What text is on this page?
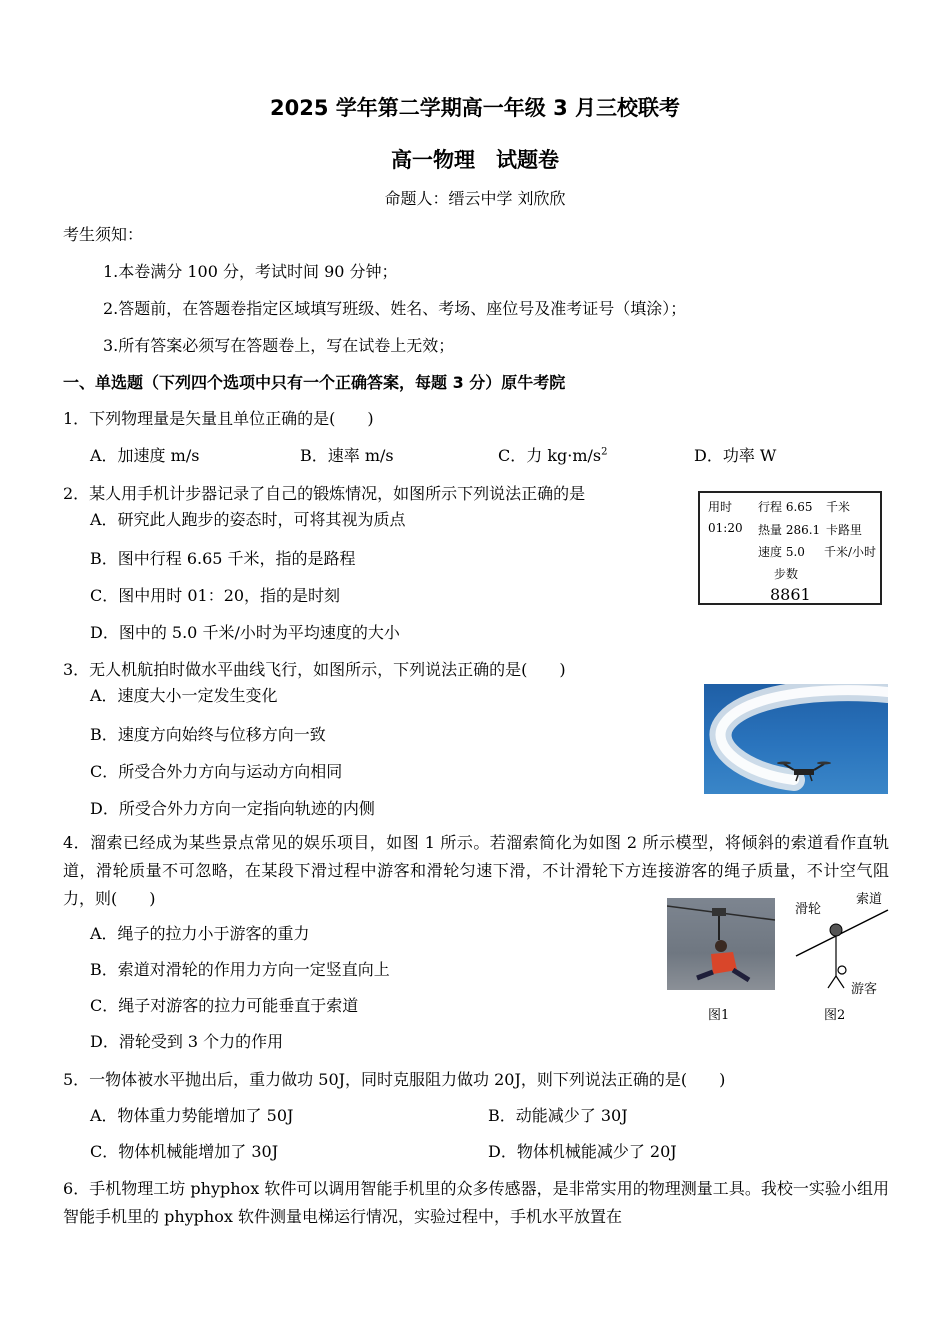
2025 学年第二学期高一年级 3 月三校联考
高一物理　试题卷
命题人：缙云中学 刘欣欣
考生须知：
1.本卷满分 100 分，考试时间 90 分钟；
2.答题前，在答题卷指定区域填写班级、姓名、考场、座位号及准考证号（填涂）；
3.所有答案必须写在答题卷上，写在试卷上无效；
一、单选题（下列四个选项中只有一个正确答案，每题 3 分）原牛考院
1．下列物理量是矢量且单位正确的是(　　)
A．加速度 m/s	B．速率 m/s	C．力 $kg\cdot m/s^2$	D．功率 W
2．某人用手机计步器记录了自己的锻炼情况，如图所示下列说法正确的是
A．研究此人跑步的姿态时，可将其视为质点
B．图中行程 6.65 千米，指的是路程
C．图中用时 01：20，指的是时刻
D．图中的 5.0 千米/小时为平均速度的大小
用时
01:20
行程 6.65 千米
热量 286.1 卡路里
速度 5.0 千米/小时
步数
8861
3．无人机航拍时做水平曲线飞行，如图所示，下列说法正确的是(　　)
A．速度大小一定发生变化
B．速度方向始终与位移方向一致
C．所受合外力方向与运动方向相同
D．所受合外力方向一定指向轨迹的内侧
4．溜索已经成为某些景点常见的娱乐项目，如图 1 所示。若溜索简化为如图 2 所示模型，将倾斜的索道看作直轨道，滑轮质量不可忽略，在某段下滑过程中游客和滑轮匀速下滑，不计滑轮下方连接游客的绳子质量，不计空气阻力，则(　　)
A．绳子的拉力小于游客的重力
B．索道对滑轮的作用力方向一定竖直向上
C．绳子对游客的拉力可能垂直于索道
D．滑轮受到 3 个力的作用
图1
滑轮
索道
游客
图2
5．一物体被水平抛出后，重力做功 50J，同时克服阻力做功 20J，则下列说法正确的是(　　)
A．物体重力势能增加了 50J	B．动能减少了 30J
C．物体机械能增加了 30J	D．物体机械能减少了 20J
6．手机物理工坊 phyphox 软件可以调用智能手机里的众多传感器，是非常实用的物理测量工具。我校一实验小组用智能手机里的 phyphox 软件测量电梯运行情况，实验过程中，手机水平放置在
